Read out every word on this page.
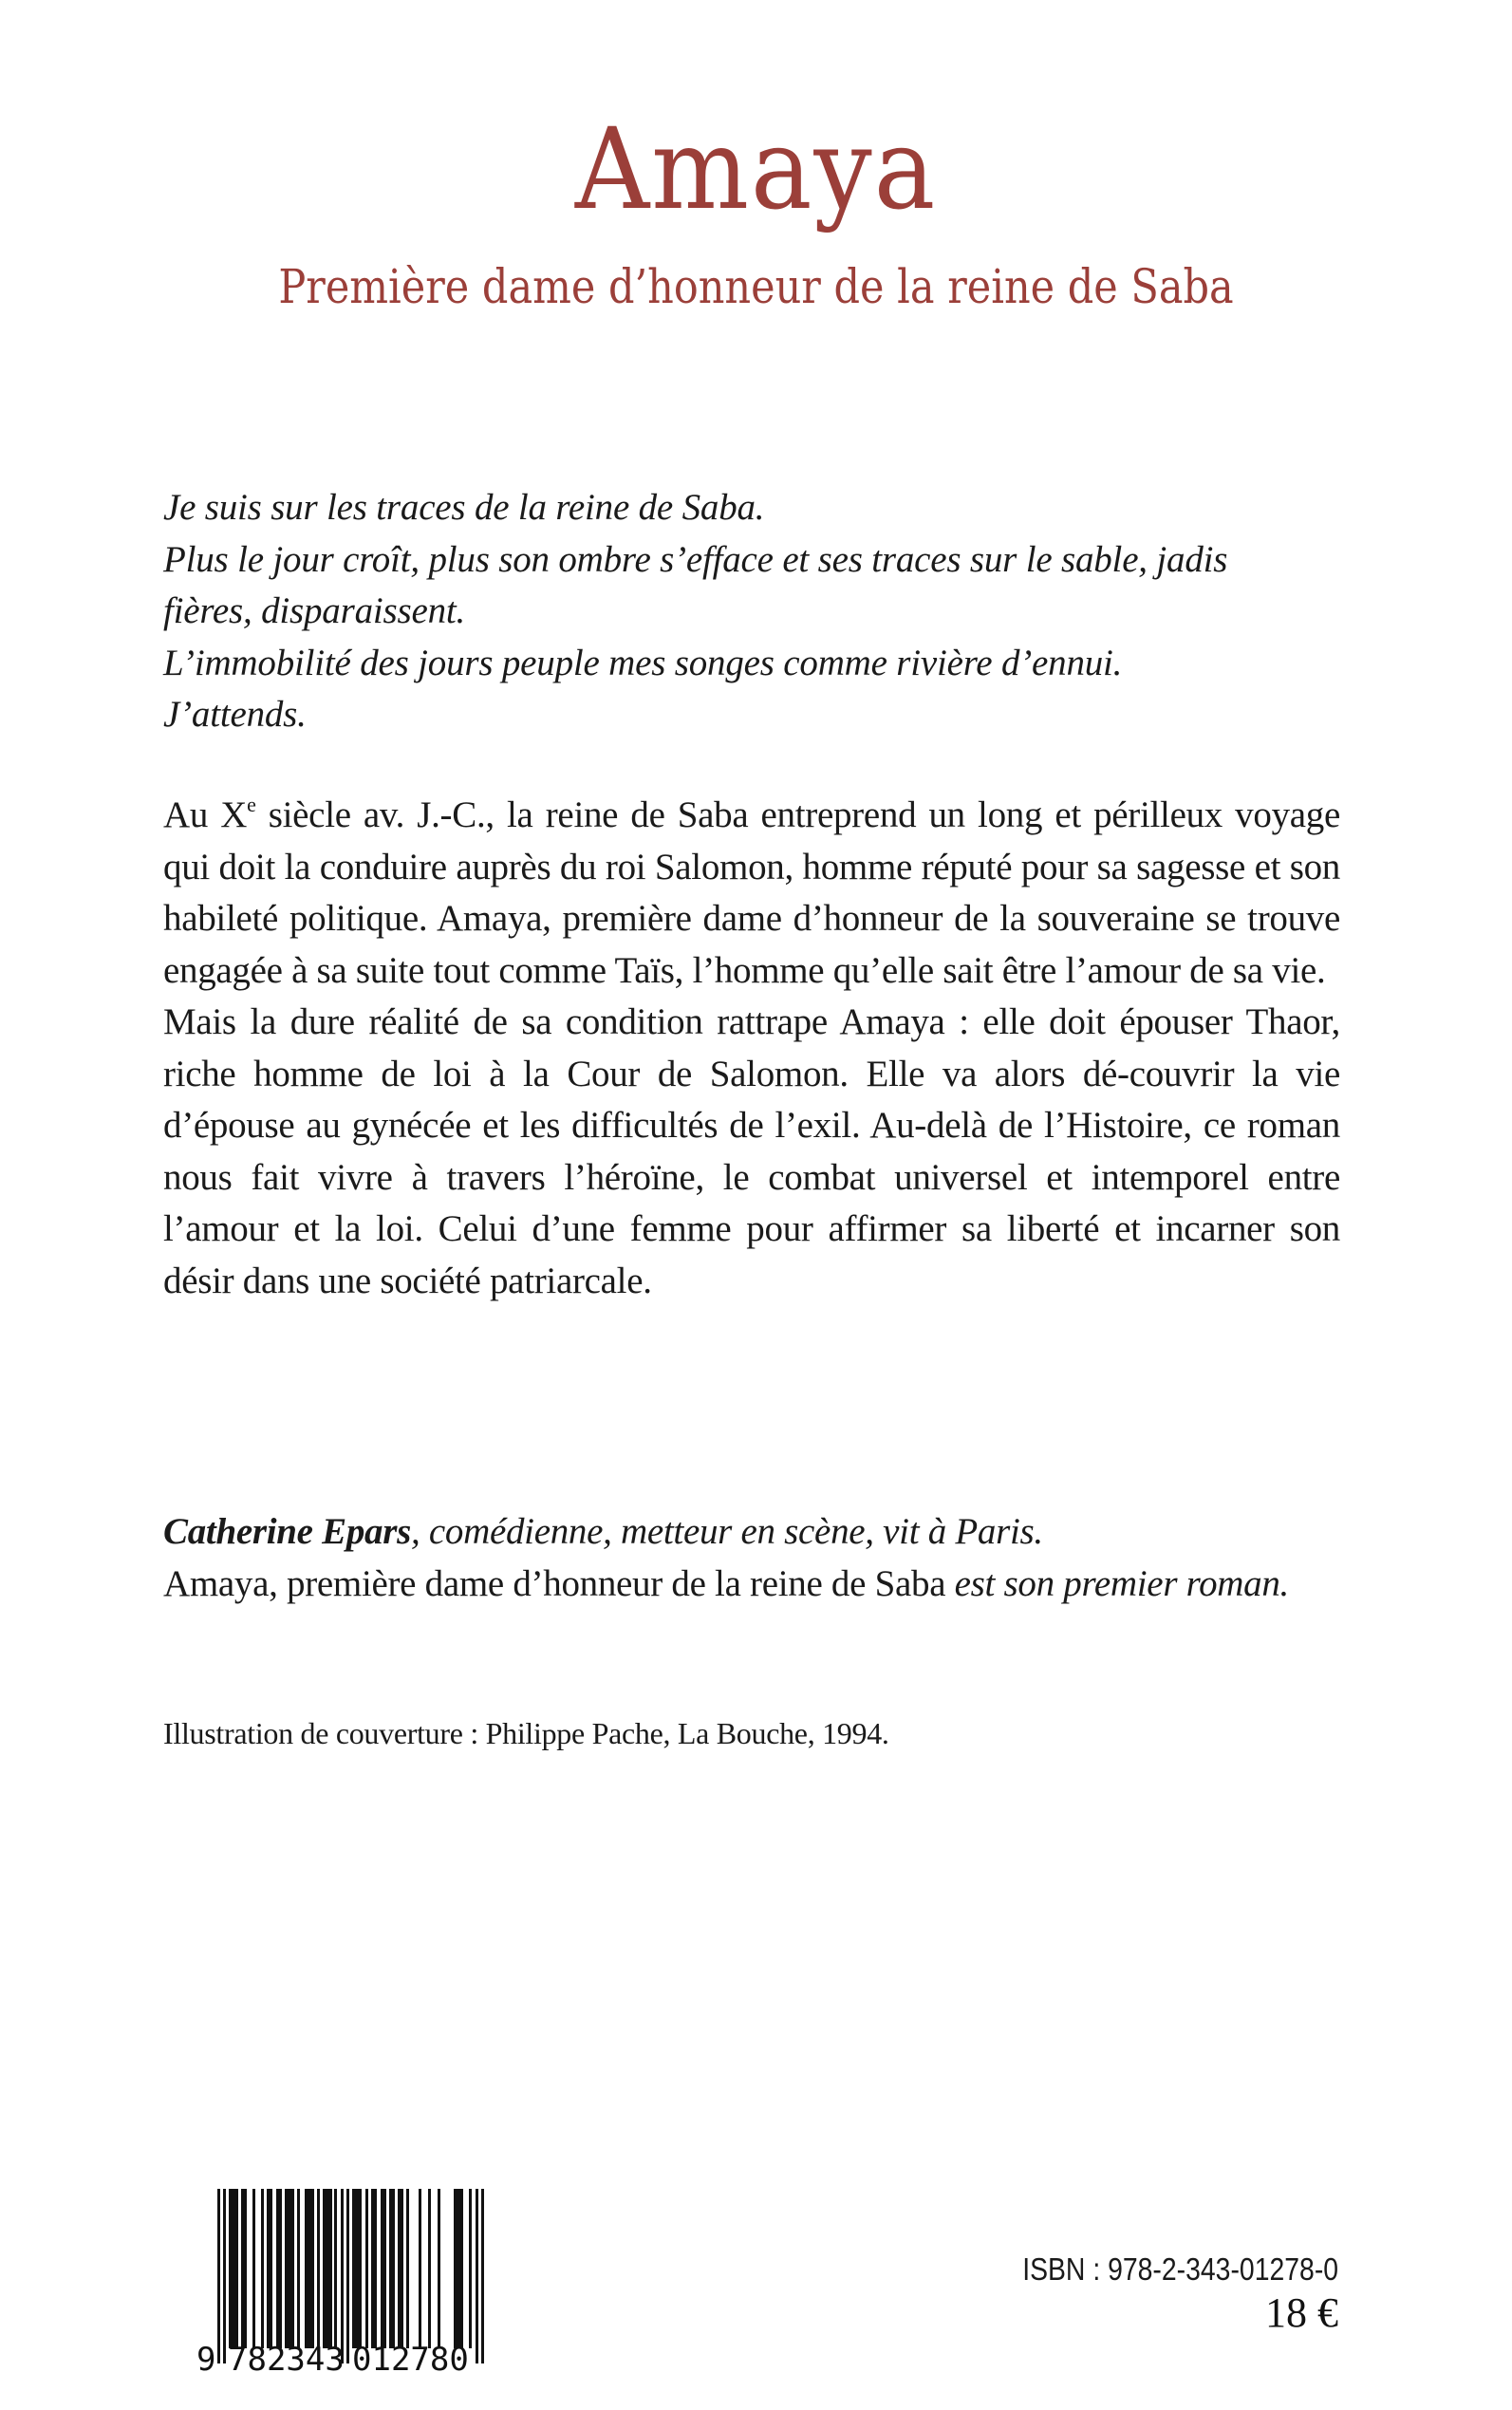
Amaya
Première dame d’honneur de la reine de Saba

Je suis sur les traces de la reine de Saba.

Plus le jour croît, plus son ombre s’efface et ses traces sur le sable, jadis

fières, disparaissent.

L’immobilité des jours peuple mes songes comme rivière d’ennui.

J’attends.

Au Xe siècle av. J.-C., la reine de Saba entreprend un long et périlleux voyage qui doit la conduire auprès du roi Salomon, homme réputé pour sa sagesse et son habileté politique. Amaya, première dame d’honneur de la souveraine se trouve engagée à sa suite tout comme Taïs, l’homme qu’elle sait être l’amour de sa vie.

Mais la dure réalité de sa condition rattrape Amaya : elle doit épouser Thaor, riche homme de loi à la Cour de Salomon. Elle va alors dé-couvrir la vie d’épouse au gynécée et les difficultés de l’exil. Au-delà de l’Histoire, ce roman nous fait vivre à travers l’héroïne, le combat universel et intemporel entre l’amour et la loi. Celui d’une femme pour affirmer sa liberté et incarner son désir dans une société patriarcale.

Catherine Epars, comédienne, metteur en scène, vit à Paris.

Amaya, première dame d’honneur de la reine de Saba est son premier roman.

Illustration de couverture : Philippe Pache, La Bouche, 1994.
9 782343 012780
ISBN : 978-2-343-01278-0
18 €
